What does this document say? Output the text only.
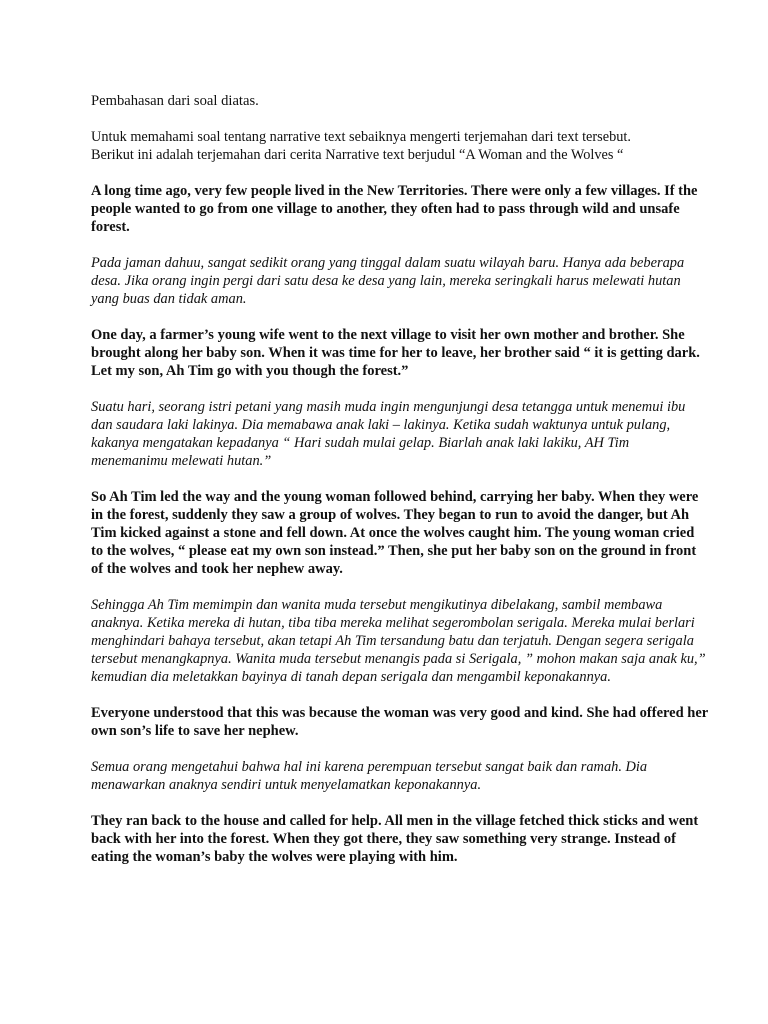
Pembahasan dari soal diatas.

Untuk memahami soal tentang narrative text sebaiknya mengerti terjemahan dari text tersebut.
Berikut ini adalah terjemahan dari cerita Narrative text berjudul “A Woman and the Wolves “

A long time ago, very few people lived in the New Territories. There were only a few villages. If the people wanted to go from one village to another, they often had to pass through wild and unsafe forest.

Pada jaman dahuu, sangat sedikit orang yang tinggal dalam suatu wilayah baru. Hanya ada beberapa desa. Jika orang ingin pergi dari satu desa ke desa yang lain, mereka seringkali harus melewati hutan yang buas dan tidak aman.

One day, a farmer’s young wife went to the next village to visit her own mother and brother. She brought along her baby son. When it was time for her to leave, her brother said “ it is getting dark. Let my son, Ah Tim go with you though the forest.”

Suatu hari, seorang istri petani yang masih muda ingin mengunjungi desa tetangga untuk menemui ibu dan saudara laki lakinya. Dia memabawa anak laki – lakinya. Ketika sudah waktunya untuk pulang, kakanya mengatakan kepadanya “ Hari sudah mulai gelap. Biarlah anak laki lakiku, AH Tim menemanimu melewati hutan.”

So Ah Tim led the way and the young woman followed behind, carrying her baby. When they were in the forest, suddenly they saw a group of wolves. They began to run to avoid the danger, but Ah Tim kicked against a stone and fell down. At once the wolves caught him. The young woman cried to the wolves, “ please eat my own son instead.” Then, she put her baby son on the ground in front of the wolves and took her nephew away.

Sehingga Ah Tim memimpin dan wanita muda tersebut mengikutinya dibelakang, sambil membawa anaknya. Ketika mereka di hutan, tiba tiba mereka melihat segerombolan serigala. Mereka mulai berlari menghindari bahaya tersebut, akan tetapi Ah Tim tersandung batu dan terjatuh. Dengan segera serigala tersebut menangkapnya. Wanita muda tersebut menangis pada si Serigala, ” mohon makan saja anak ku,” kemudian dia meletakkan bayinya di tanah depan serigala dan mengambil keponakannya.

Everyone understood that this was because the woman was very good and kind. She had offered her own son’s life to save her nephew.

Semua orang mengetahui bahwa hal ini karena perempuan tersebut sangat baik dan ramah. Dia menawarkan anaknya sendiri untuk menyelamatkan keponakannya.

They ran back to the house and called for help. All men in the village fetched thick sticks and went back with her into the forest. When they got there, they saw something very strange. Instead of eating the woman’s baby the wolves were playing with him.
